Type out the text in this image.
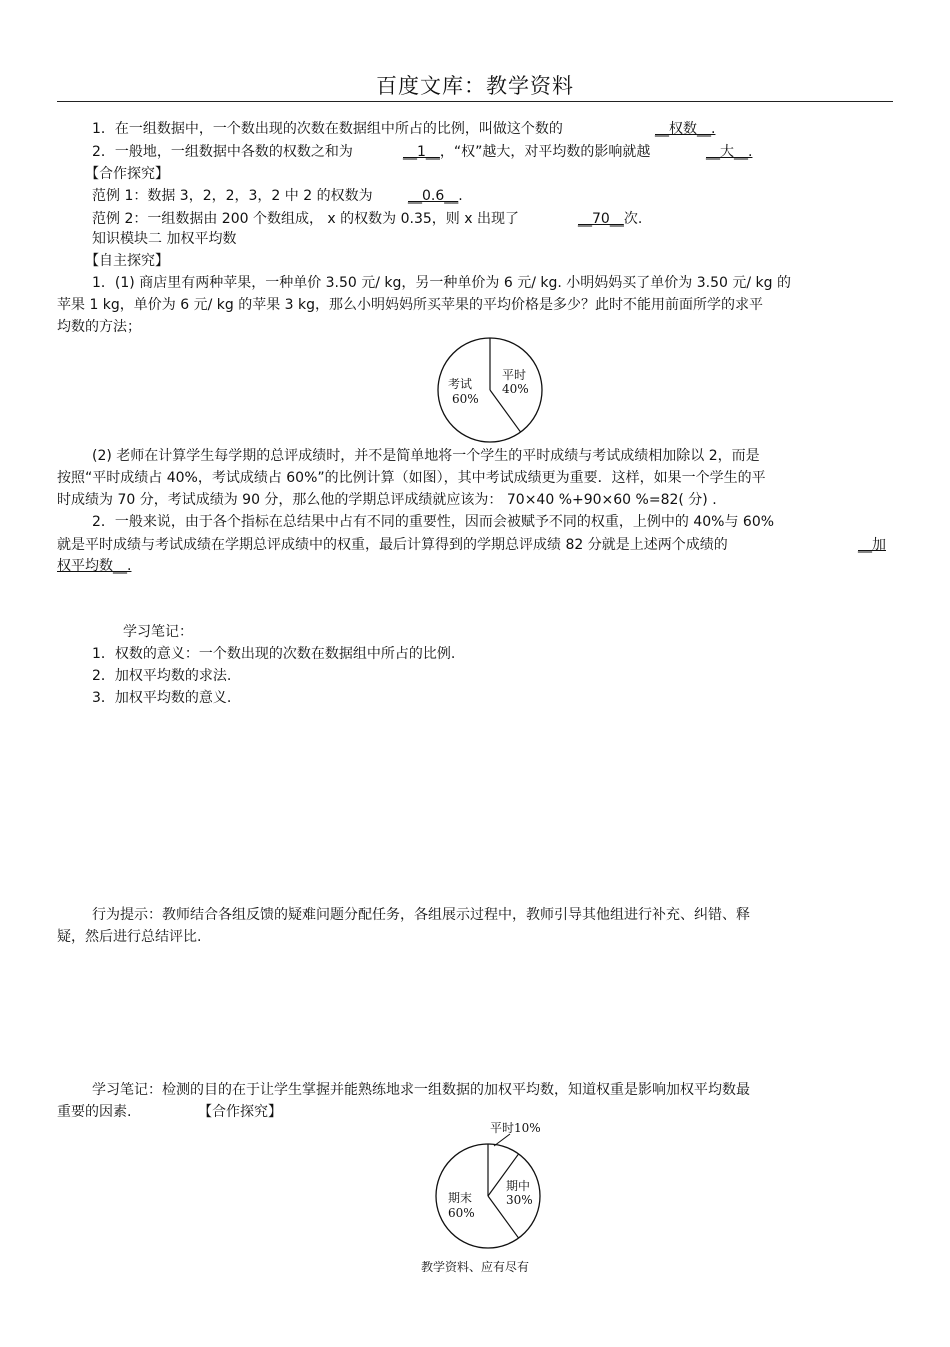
百度文库：教学资料
1．在一组数据中，一个数出现的次数在数据组中所占的比例，叫做这个数的	__权数__.
2．一般地，一组数据中各数的权数之和为	__1__，“权”越大，对平均数的影响就越	__大__.
【合作探究】
范例 1：数据 3，2，2，3，2 中 2 的权数为	__0.6__.
范例 2：一组数据由 200 个数组成， x 的权数为 0.35，则 x 出现了	__70__次.
知识模块二 加权平均数
【自主探究】
1．(1) 商店里有两种苹果，一种单价 3.50 元/ kg，另一种单价为 6 元/ kg. 小明妈妈买了单价为 3.50 元/ kg 的
苹果 1 kg，单价为 6 元/ kg 的苹果 3 kg，那么小明妈妈所买苹果的平均价格是多少？此时不能用前面所学的求平
均数的方法；
考试
60%
平时
40%
(2) 老师在计算学生每学期的总评成绩时，并不是简单地将一个学生的平时成绩与考试成绩相加除以 2，而是
按照“平时成绩占 40%，考试成绩占 60%”的比例计算（如图），其中考试成绩更为重要．这样，如果一个学生的平
时成绩为 70 分，考试成绩为 90 分，那么他的学期总评成绩就应该为： 70×40 %+90×60 %=82( 分) .
2．一般来说，由于各个指标在总结果中占有不同的重要性，因而会被赋予不同的权重，上例中的 40%与 60%
就是平时成绩与考试成绩在学期总评成绩中的权重，最后计算得到的学期总评成绩 82 分就是上述两个成绩的	__加
权平均数__.
学习笔记：
1．权数的意义：一个数出现的次数在数据组中所占的比例.
2．加权平均数的求法.
3．加权平均数的意义.
行为提示：教师结合各组反馈的疑难问题分配任务，各组展示过程中，教师引导其他组进行补充、纠错、释
疑，然后进行总结评比.
学习笔记：检测的目的在于让学生掌握并能熟练地求一组数据的加权平均数，知道权重是影响加权平均数最
重要的因素.	【合作探究】
平时10%
期中
30%
期末
60%
教学资料、应有尽有
